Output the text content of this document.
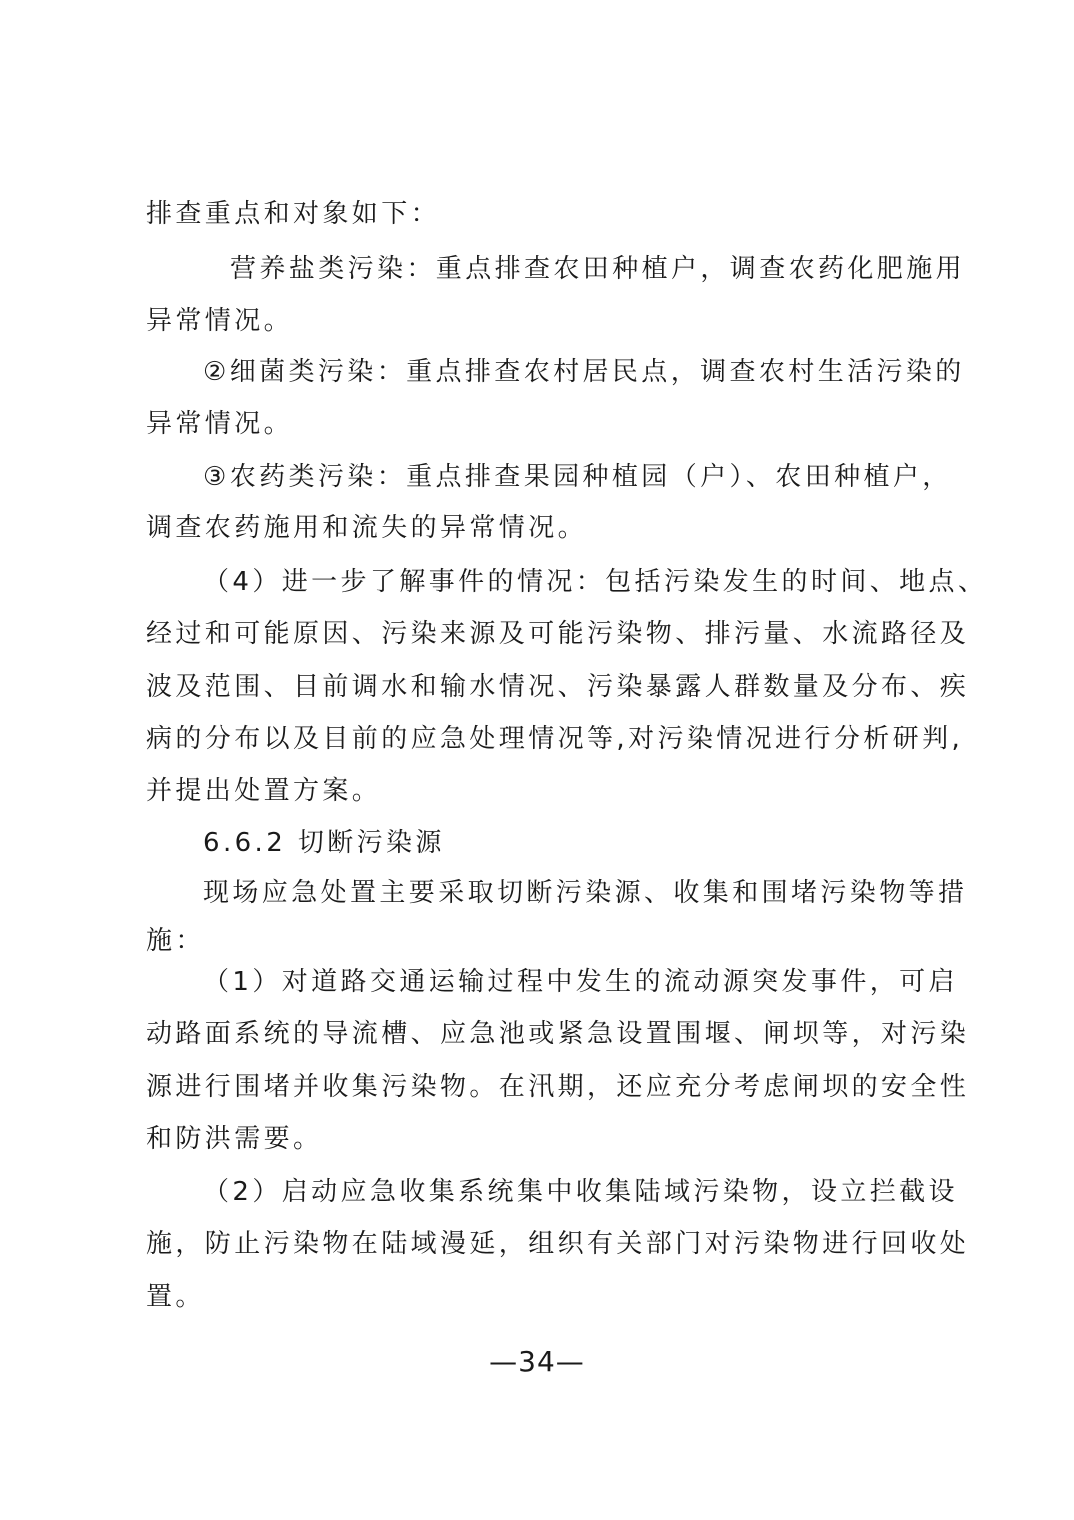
排查重点和对象如下：
营养盐类污染：重点排查农田种植户，调查农药化肥施用
异常情况。
②细菌类污染：重点排查农村居民点，调查农村生活污染的
异常情况。
③农药类污染：重点排查果园种植园（户）、农田种植户，
调查农药施用和流失的异常情况。
（4）进一步了解事件的情况：包括污染发生的时间、地点、
经过和可能原因、污染来源及可能污染物、排污量、水流路径及
波及范围、目前调水和输水情况、污染暴露人群数量及分布、疾
病的分布以及目前的应急处理情况等,对污染情况进行分析研判,
并提出处置方案。
6.6.2 切断污染源
现场应急处置主要采取切断污染源、收集和围堵污染物等措
施：
（1）对道路交通运输过程中发生的流动源突发事件，可启
动路面系统的导流槽、应急池或紧急设置围堰、闸坝等，对污染
源进行围堵并收集污染物。在汛期，还应充分考虑闸坝的安全性
和防洪需要。
（2）启动应急收集系统集中收集陆域污染物，设立拦截设
施，防止污染物在陆域漫延，组织有关部门对污染物进行回收处
置。
—34—
